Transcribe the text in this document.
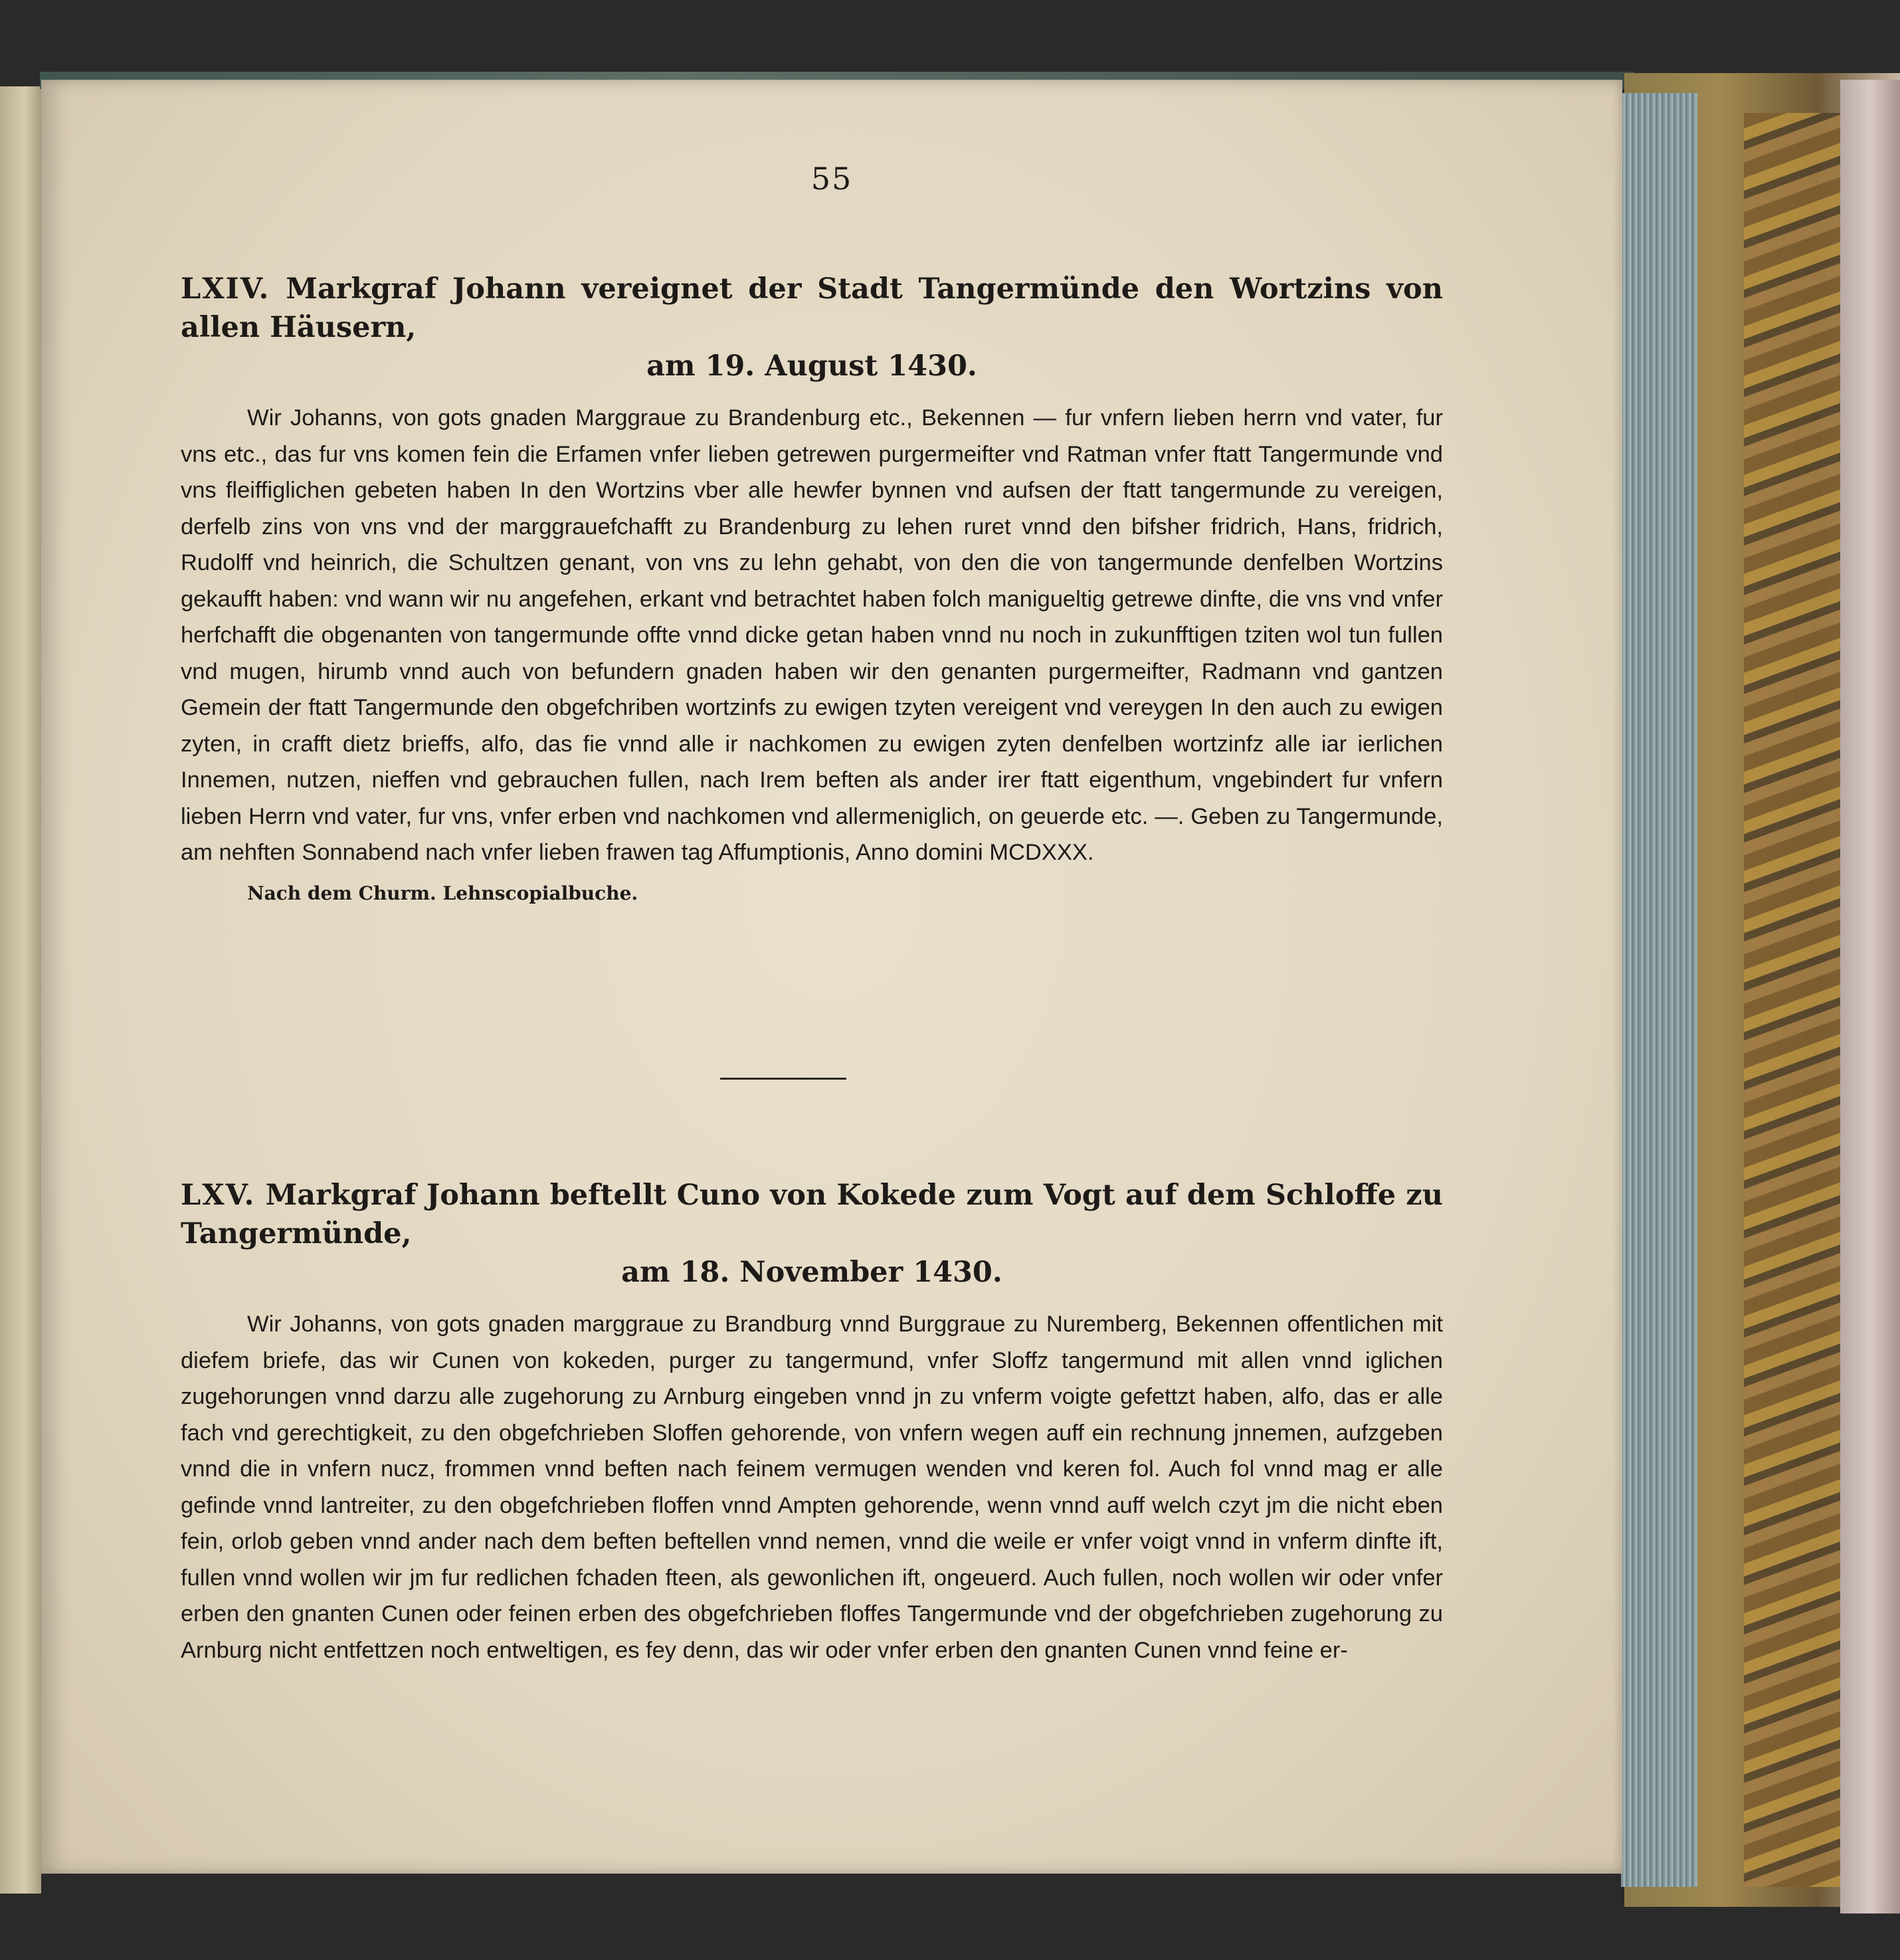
55

LXIV. Markgraf Johann vereignet der Stadt Tangermünde den Wortzins von allen Häusern,
am 19. August 1430.

Wir Johanns, von gots gnaden Marggraue zu Brandenburg etc., Bekennen — fur vnfern lieben herrn vnd vater, fur vns etc., das fur vns komen fein die Erfamen vnfer lieben getrewen purgermeifter vnd Ratman vnfer ftatt Tangermunde vnd vns fleiffiglichen gebeten haben In den Wortzins vber alle hewfer bynnen vnd aufsen der ftatt tangermunde zu vereigen, derfelb zins von vns vnd der marggrauefchafft zu Brandenburg zu lehen ruret vnnd den bifsher fridrich, Hans, fridrich, Rudolff vnd heinrich, die Schultzen genant, von vns zu lehn gehabt, von den die von tangermunde denfelben Wortzins gekaufft haben: vnd wann wir nu angefehen, erkant vnd betrachtet haben folch manigueltig getrewe dinfte, die vns vnd vnfer herfchafft die obgenanten von tangermunde offte vnnd dicke getan haben vnnd nu noch in zukunfftigen tziten wol tun fullen vnd mugen, hirumb vnnd auch von befundern gnaden haben wir den genanten purgermeifter, Radmann vnd gantzen Gemein der ftatt Tangermunde den obgefchriben wortzinfs zu ewigen tzyten vereigent vnd vereygen In den auch zu ewigen zyten, in crafft dietz brieffs, alfo, das fie vnnd alle ir nachkomen zu ewigen zyten denfelben wortzinfz alle iar ierlichen Innemen, nutzen, nieffen vnd gebrauchen fullen, nach Irem beften als ander irer ftatt eigenthum, vngebindert fur vnfern lieben Herrn vnd vater, fur vns, vnfer erben vnd nachkomen vnd allermeniglich, on geuerde etc. —. Geben zu Tangermunde, am nehften Sonnabend nach vnfer lieben frawen tag Affumptionis, Anno domini MCDXXX.

Nach dem Churm. Lehnscopialbuche.

LXV. Markgraf Johann beftellt Cuno von Kokede zum Vogt auf dem Schloffe zu Tangermünde,
am 18. November 1430.

Wir Johanns, von gots gnaden marggraue zu Brandburg vnnd Burggraue zu Nuremberg, Bekennen offentlichen mit diefem briefe, das wir Cunen von kokeden, purger zu tangermund, vnfer Sloffz tangermund mit allen vnnd iglichen zugehorungen vnnd darzu alle zugehorung zu Arnburg eingeben vnnd jn zu vnferm voigte gefettzt haben, alfo, das er alle fach vnd gerechtigkeit, zu den obgefchrieben Sloffen gehorende, von vnfern wegen auff ein rechnung jnnemen, aufzgeben vnnd die in vnfern nucz, frommen vnnd beften nach feinem vermugen wenden vnd keren fol. Auch fol vnnd mag er alle gefinde vnnd lantreiter, zu den obgefchrieben floffen vnnd Ampten gehorende, wenn vnnd auff welch czyt jm die nicht eben fein, orlob geben vnnd ander nach dem beften beftellen vnnd nemen, vnnd die weile er vnfer voigt vnnd in vnferm dinfte ift, fullen vnnd wollen wir jm fur redlichen fchaden fteen, als gewonlichen ift, ongeuerd. Auch fullen, noch wollen wir oder vnfer erben den gnanten Cunen oder feinen erben des obgefchrieben floffes Tangermunde vnd der obgefchrieben zugehorung zu Arnburg nicht entfettzen noch entweltigen, es fey denn, das wir oder vnfer erben den gnanten Cunen vnnd feine er-
